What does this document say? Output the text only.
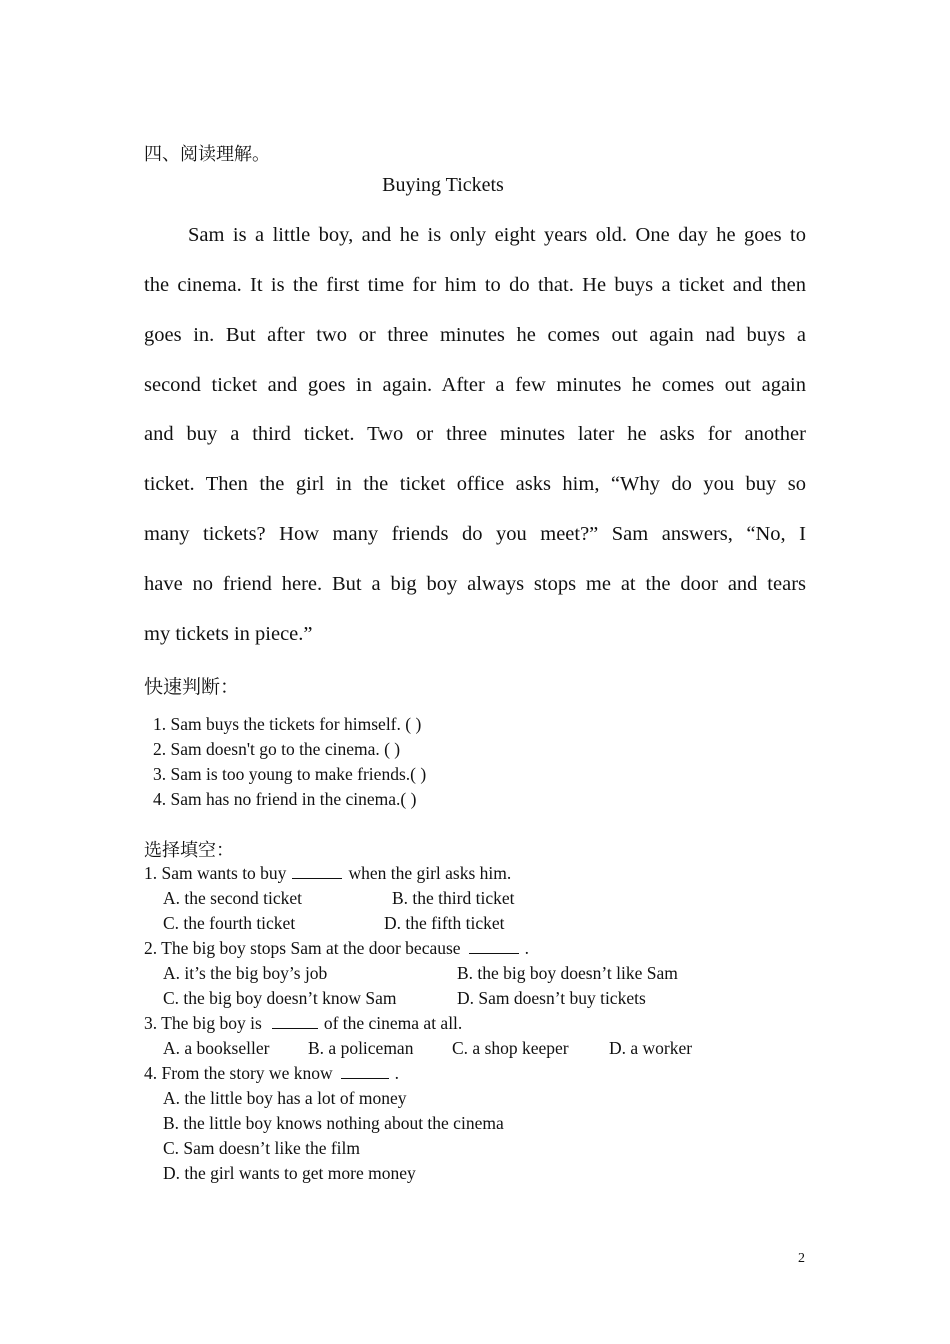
四、阅读理解。
Buying Tickets
Sam is a little boy, and he is only eight years old. One day he goes to
the cinema. It is the first time for him to do that. He buys a ticket and then
goes in. But after two or three minutes he comes out again nad buys a
second ticket and goes in again. After a few minutes he comes out again
and buy a third ticket. Two or three minutes later he asks for another
ticket. Then the girl in the ticket office asks him, “Why do you buy so
many tickets? How many friends do you meet?” Sam answers, “No, I
have no friend here. But a big boy always stops me at the door and tears
my tickets in piece.”
快速判断：
1. Sam buys the tickets for himself. ( )
2. Sam doesn't go to the cinema. ( )
3. Sam is too young to make friends.( )
4. Sam has no friend in the cinema.( )
选择填空：
1. Sam wants to buy	when the girl asks him.
A. the second ticket	B. the third ticket
C. the fourth ticket	D. the fifth ticket
2. The big boy stops Sam at the door because	.
A. it’s the big boy’s job	B. the big boy doesn’t like Sam
C. the big boy doesn’t know Sam	D. Sam doesn’t buy tickets
3. The big boy is	of the cinema at all.
A. a bookseller B. a policeman C. a shop keeper D. a worker
4. From the story we know	.
A. the little boy has a lot of money
B. the little boy knows nothing about the cinema
C. Sam doesn’t like the film
D. the girl wants to get more money
2
